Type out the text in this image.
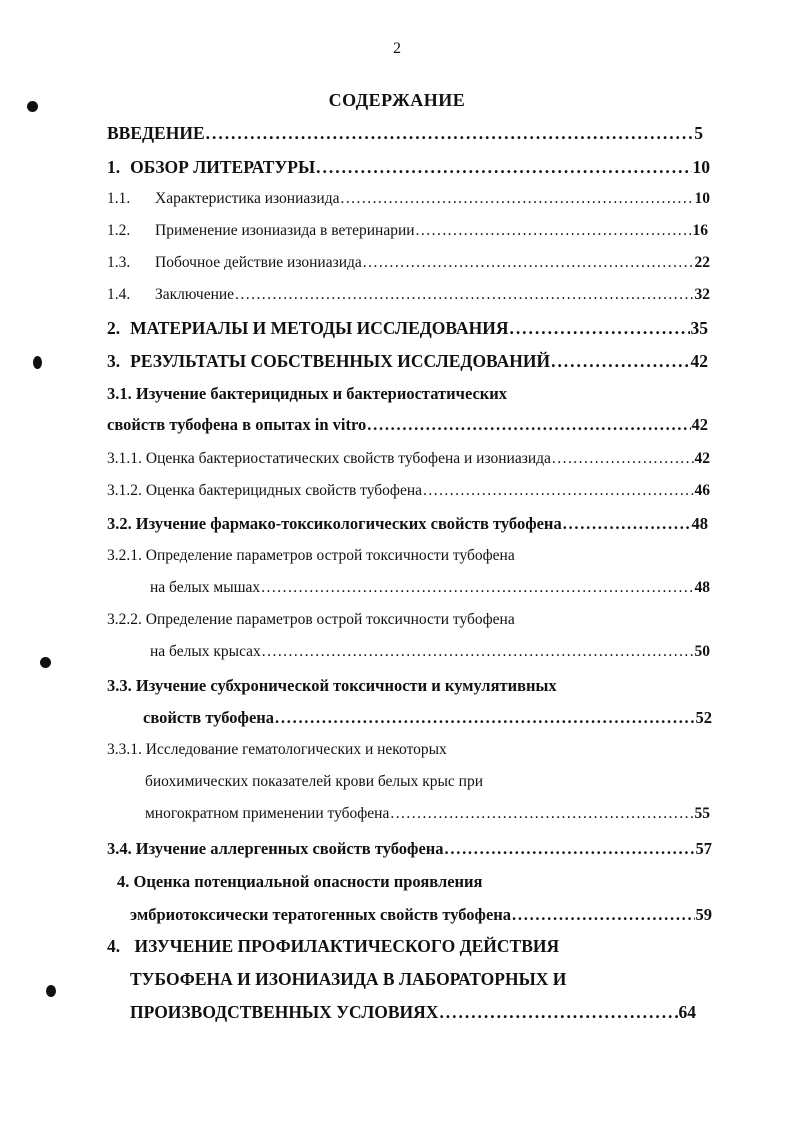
2
СОДЕРЖАНИЕ
ВВЕДЕНИЕ . . .	5
1. ОБЗОР ЛИТЕРАТУРЫ . . .	10
1.1.	Характеристика изониазида . . .	10
1.2.	Применение изониазида в ветеринарии . . .	16
1.3.	Побочное действие изониазида . . .	22
1.4.	Заключение . . .	32
2. МАТЕРИАЛЫ И МЕТОДЫ ИССЛЕДОВАНИЯ . . .	35
3. РЕЗУЛЬТАТЫ СОБСТВЕННЫХ ИССЛЕДОВАНИЙ . . .	42
3.1. Изучение бактерицидных и бактериостатических
свойств тубофена в опытах in vitro . . .	42
3.1.1. Оценка бактериостатических свойств тубофена и изониазида . . .	42
3.1.2. Оценка бактерицидных свойств тубофена . . .	46
3.2. Изучение фармако-токсикологических свойств тубофена . . .	48
3.2.1. Определение параметров острой токсичности тубофена
на белых мышах . . .	48
3.2.2. Определение параметров острой токсичности тубофена
на белых крысах . . .	50
3.3. Изучение субхронической токсичности и кумулятивных
свойств тубофена . . .	52
3.3.1. Исследование гематологических и некоторых
биохимических показателей крови белых крыс при
многократном применении тубофена . . .	55
3.4. Изучение аллергенных свойств тубофена . . .	57
4. Оценка потенциальной опасности проявления
эмбриотоксически тератогенных свойств тубофена . . .	59
4. ИЗУЧЕНИЕ ПРОФИЛАКТИЧЕСКОГО ДЕЙСТВИЯ
ТУБОФЕНА И ИЗОНИАЗИДА В ЛАБОРАТОРНЫХ И
ПРОИЗВОДСТВЕННЫХ УСЛОВИЯХ . . .	64
